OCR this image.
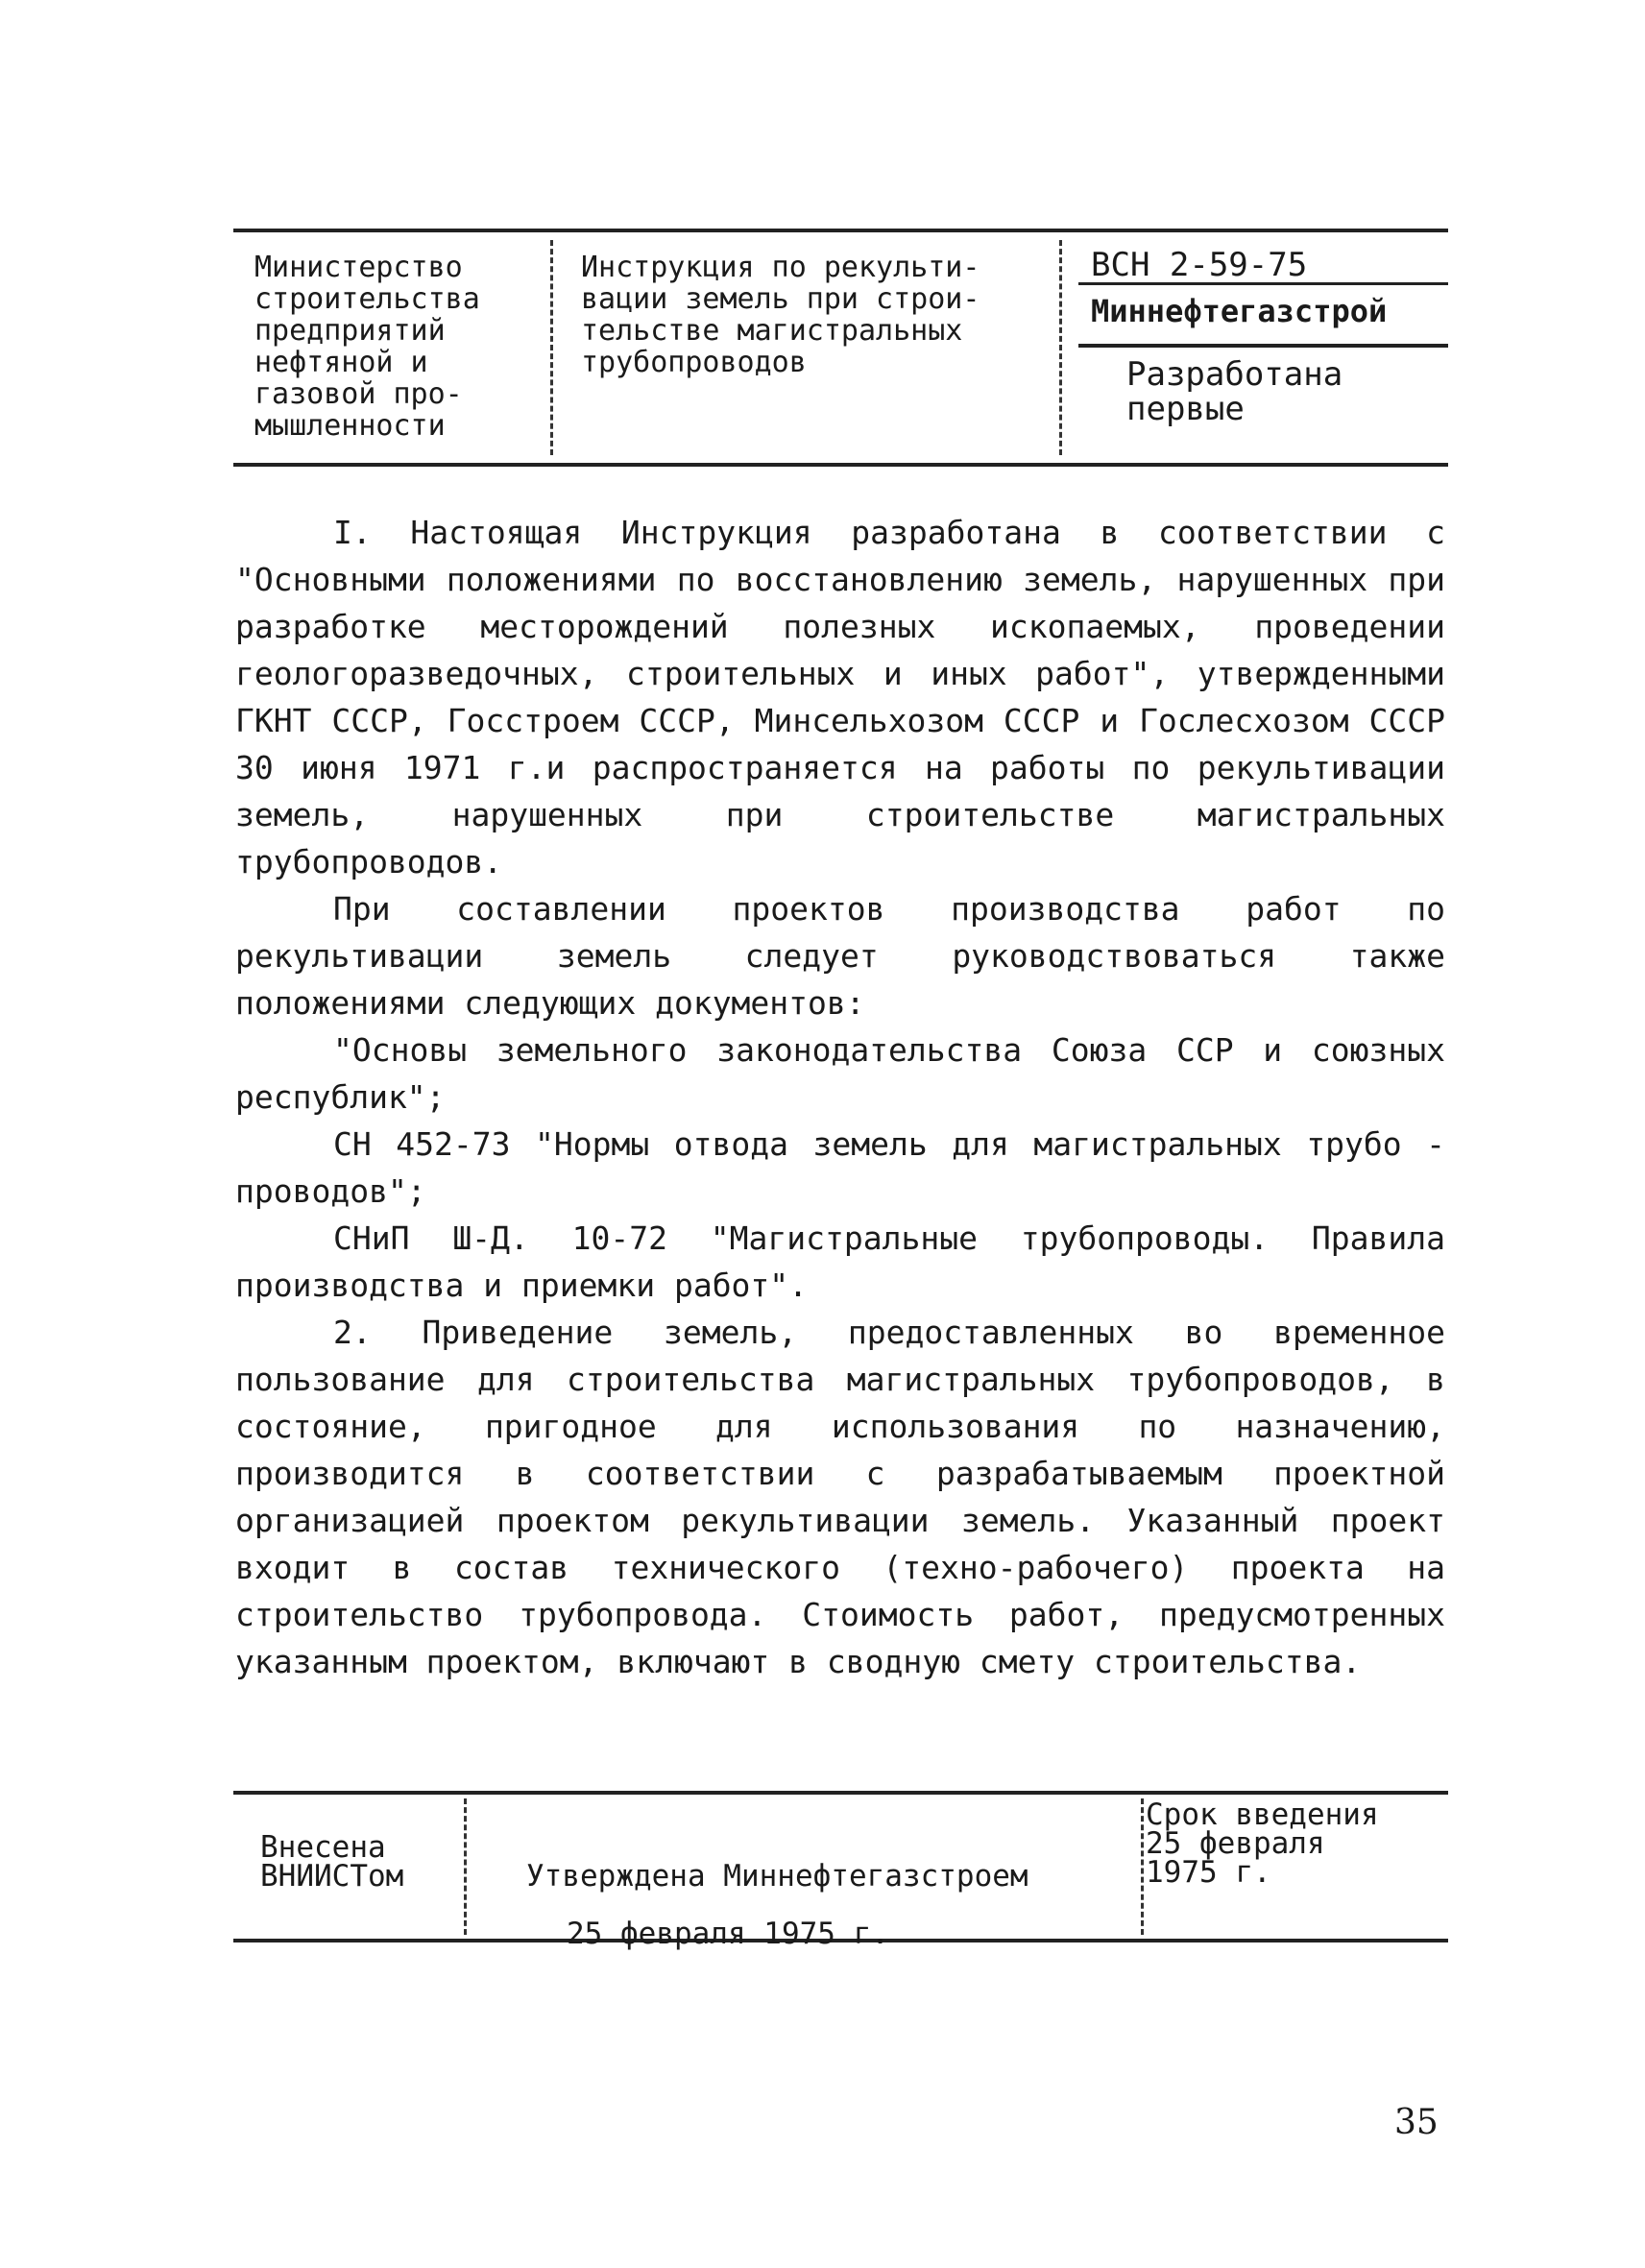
Министерство
строительства
предприятий
нефтяной и
газовой про-
мышленности
Инструкция по рекульти-
вации земель при строи-
тельстве магистральных
трубопроводов
ВСН 2-59-75
Миннефтегазстрой
Разработана
первые

I. Настоящая Инструкция разработана в соответствии с "Основными положениями по восстановлению земель, нарушенных при разработке месторождений полезных ископаемых, проведении геологоразведочных, строительных и иных работ", утвержденными ГКНТ СССР, Госстроем СССР, Минсельхозом СССР и Гослесхозом СССР 30 июня 1971 г.и распространяется на работы по рекультивации земель, нарушенных при строительстве магистральных трубопроводов.

При составлении проектов производства работ по рекультивации земель следует руководствоваться также положениями следующих документов:

"Основы земельного законодательства Союза ССР и союзных республик";

СН 452-73 "Нормы отвода земель для магистральных трубо - проводов";

СНиП Ш-Д. 10-72 "Магистральные трубопроводы. Правила производства и приемки работ".

2. Приведение земель, предоставленных во временное пользование для строительства магистральных трубопроводов, в состояние, пригодное для использования по назначению, производится в соответствии с разрабатываемым проектной организацией проектом рекультивации земель. Указанный проект входит в состав технического (техно-рабочего) проекта на строительство трубопровода. Стоимость работ, предусмотренных указанным проектом, включают в сводную смету строительства.

Внесена
ВНИИСТом	Утверждена Миннефтегазстроем

25 февраля 1975 г.

Срок введения
25 февраля
1975 г.
35
